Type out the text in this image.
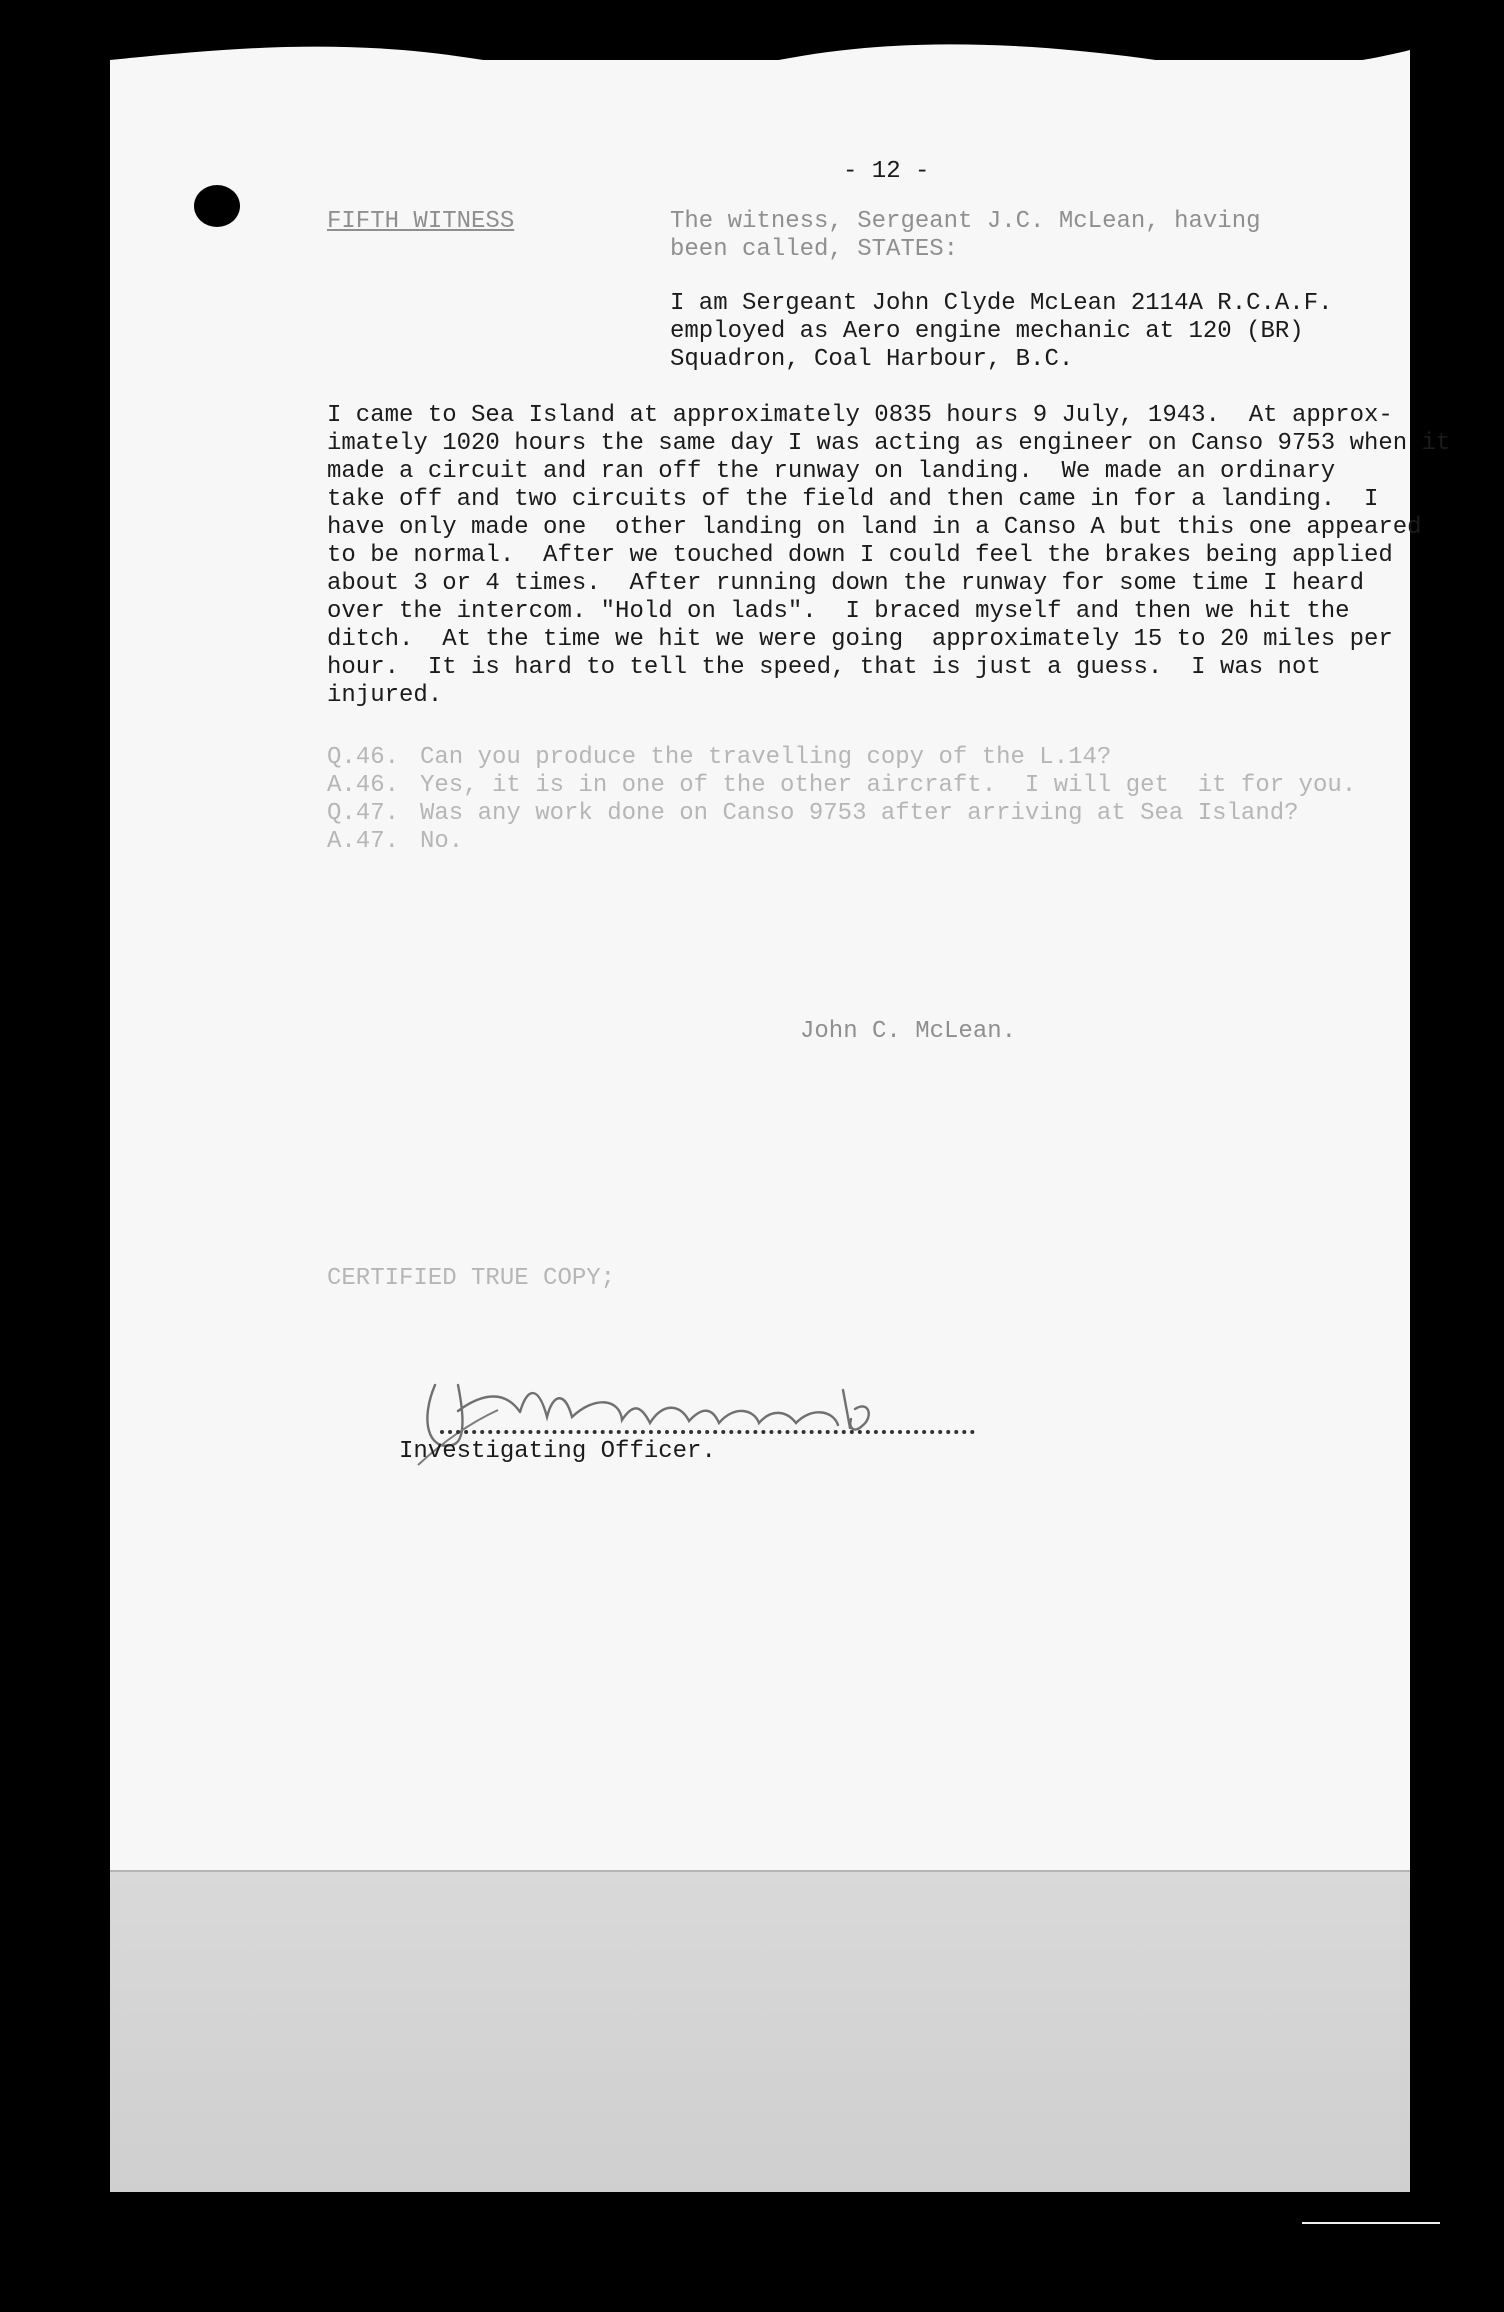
- 12 -
FIFTH WITNESS	The witness, Sergeant J.C. McLean, having
been called, STATES:
I am Sergeant John Clyde McLean 2114A R.C.A.F.
employed as Aero engine mechanic at 120 (BR)
Squadron, Coal Harbour, B.C.
I came to Sea Island at approximately 0835 hours 9 July, 1943.  At approx-
imately 1020 hours the same day I was acting as engineer on Canso 9753 when it
made a circuit and ran off the runway on landing.  We made an ordinary
take off and two circuits of the field and then came in for a landing.  I
have only made one  other landing on land in a Canso A but this one appeared
to be normal.  After we touched down I could feel the brakes being applied
about 3 or 4 times.  After running down the runway for some time I heard
over the intercom. "Hold on lads".  I braced myself and then we hit the
ditch.  At the time we hit we were going  approximately 15 to 20 miles per
hour.  It is hard to tell the speed, that is just a guess.  I was not
injured.
Q.46. Can you produce the travelling copy of the L.14?
A.46. Yes, it is in one of the other aircraft.  I will get  it for you.
Q.47. Was any work done on Canso 9753 after arriving at Sea Island?
A.47. No.
John C. McLean.
CERTIFIED TRUE COPY;
Investigating Officer.
